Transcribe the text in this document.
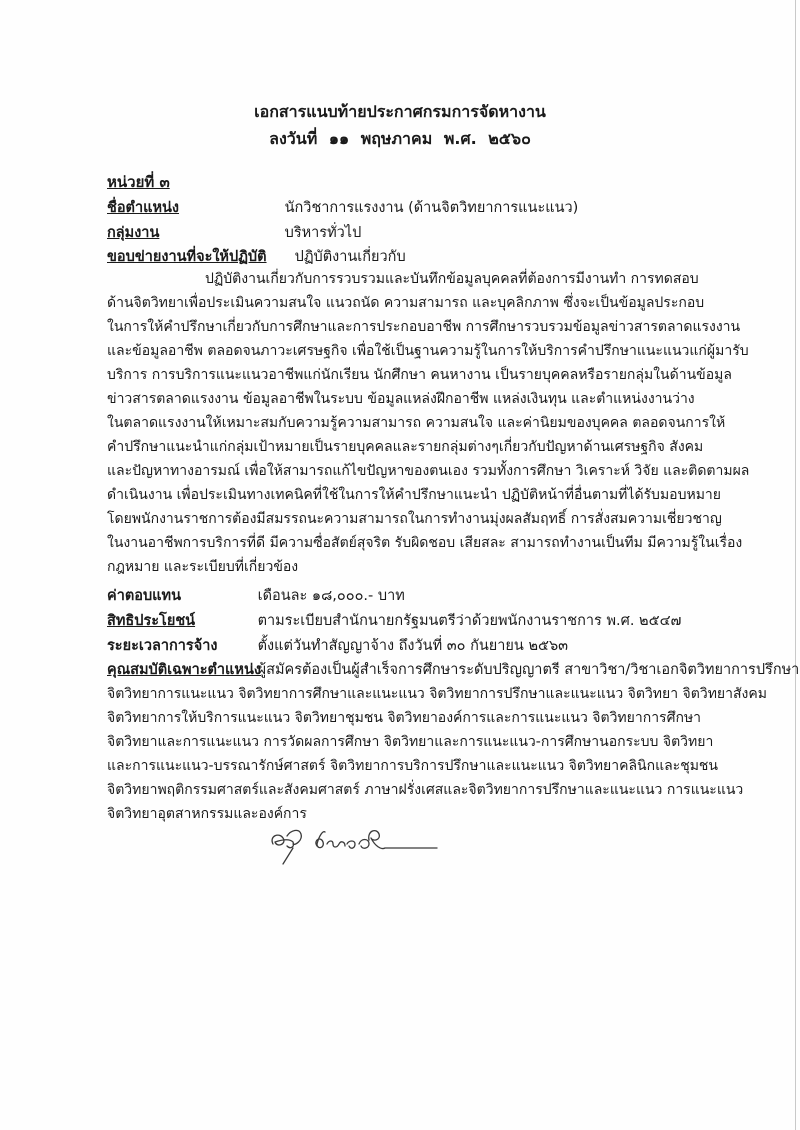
เอกสารแนบท้ายประกาศกรมการจัดหางาน
ลงวันที่ ๑๑ พฤษภาคม พ.ศ. ๒๕๖๐
หน่วยที่ ๓
ชื่อตำแหน่ง	นักวิชาการแรงงาน (ด้านจิตวิทยาการแนะแนว)
กลุ่มงาน	บริหารทั่วไป
ขอบข่ายงานที่จะให้ปฏิบัติ ปฏิบัติงานเกี่ยวกับ
ปฏิบัติงานเกี่ยวกับการรวบรวมและบันทึกข้อมูลบุคคลที่ต้องการมีงานทำ การทดสอบ
ด้านจิตวิทยาเพื่อประเมินความสนใจ แนวถนัด ความสามารถ และบุคลิกภาพ ซึ่งจะเป็นข้อมูลประกอบ
ในการให้คำปรึกษาเกี่ยวกับการศึกษาและการประกอบอาชีพ การศึกษารวบรวมข้อมูลข่าวสารตลาดแรงงาน
และข้อมูลอาชีพ ตลอดจนภาวะเศรษฐกิจ เพื่อใช้เป็นฐานความรู้ในการให้บริการคำปรึกษาแนะแนวแก่ผู้มารับ
บริการ การบริการแนะแนวอาชีพแก่นักเรียน นักศึกษา คนหางาน เป็นรายบุคคลหรือรายกลุ่มในด้านข้อมูล
ข่าวสารตลาดแรงงาน ข้อมูลอาชีพในระบบ ข้อมูลแหล่งฝึกอาชีพ แหล่งเงินทุน และตำแหน่งงานว่าง
ในตลาดแรงงานให้เหมาะสมกับความรู้ความสามารถ ความสนใจ และค่านิยมของบุคคล ตลอดจนการให้
คำปรึกษาแนะนำแก่กลุ่มเป้าหมายเป็นรายบุคคลและรายกลุ่มต่างๆเกี่ยวกับปัญหาด้านเศรษฐกิจ สังคม
และปัญหาทางอารมณ์ เพื่อให้สามารถแก้ไขปัญหาของตนเอง รวมทั้งการศึกษา วิเคราะห์ วิจัย และติดตามผล
ดำเนินงาน เพื่อประเมินทางเทคนิคที่ใช้ในการให้คำปรึกษาแนะนำ ปฏิบัติหน้าที่อื่นตามที่ได้รับมอบหมาย
โดยพนักงานราชการต้องมีสมรรถนะความสามารถในการทำงานมุ่งผลสัมฤทธิ์ การสั่งสมความเชี่ยวชาญ
ในงานอาชีพการบริการที่ดี มีความซื่อสัตย์สุจริต รับผิดชอบ เสียสละ สามารถทำงานเป็นทีม มีความรู้ในเรื่อง
กฎหมาย และระเบียบที่เกี่ยวข้อง
ค่าตอบแทน	เดือนละ ๑๘,๐๐๐.- บาท
สิทธิประโยชน์	ตามระเบียบสำนักนายกรัฐมนตรีว่าด้วยพนักงานราชการ พ.ศ. ๒๕๔๗
ระยะเวลาการจ้าง	ตั้งแต่วันทำสัญญาจ้าง ถึงวันที่ ๓๐ กันยายน ๒๕๖๓
คุณสมบัติเฉพาะตำแหน่ง ผู้สมัครต้องเป็นผู้สำเร็จการศึกษาระดับปริญญาตรี สาขาวิชา/วิชาเอกจิตวิทยาการปรึกษา
จิตวิทยาการแนะแนว จิตวิทยาการศึกษาและแนะแนว จิตวิทยาการปรึกษาและแนะแนว จิตวิทยา จิตวิทยาสังคม
จิตวิทยาการให้บริการแนะแนว จิตวิทยาชุมชน จิตวิทยาองค์การและการแนะแนว จิตวิทยาการศึกษา
จิตวิทยาและการแนะแนว การวัดผลการศึกษา จิตวิทยาและการแนะแนว-การศึกษานอกระบบ จิตวิทยา
และการแนะแนว-บรรณารักษ์ศาสตร์ จิตวิทยาการบริการปรึกษาและแนะแนว จิตวิทยาคลินิกและชุมชน
จิตวิทยาพฤติกรรมศาสตร์และสังคมศาสตร์ ภาษาฝรั่งเศสและจิตวิทยาการปรึกษาและแนะแนว การแนะแนว
จิตวิทยาอุตสาหกรรมและองค์การ
